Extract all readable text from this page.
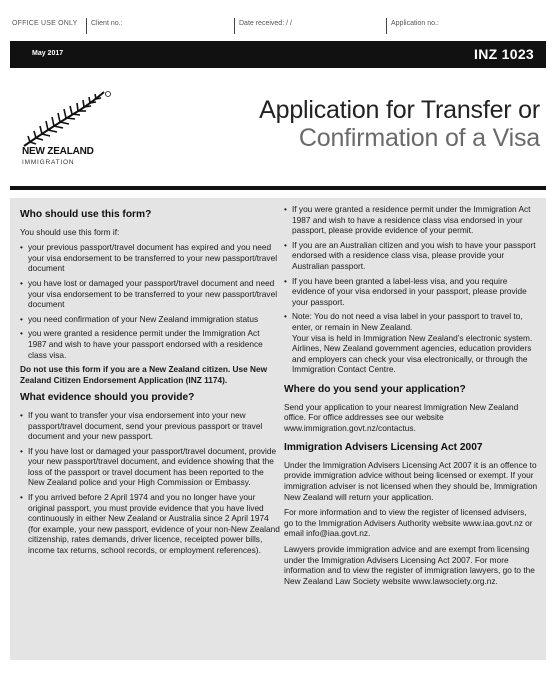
OFFICE USE ONLY	Client no.:	Date received: / /	Application no.:
May 2017	INZ 1023
NEW ZEALAND
IMMIGRATION
Application for Transfer or
Confirmation of a Visa
Who should use this form?

You should use this form if:

• your previous passport/travel document has expired and you need your visa endorsement to be transferred to your new passport/travel document
• you have lost or damaged your passport/travel document and need your visa endorsement to be transferred to your new passport/travel document
• you need confirmation of your New Zealand immigration status
• you were granted a residence permit under the Immigration Act 1987 and wish to have your passport endorsed with a residence class visa.

Do not use this form if you are a New Zealand citizen. Use New Zealand Citizen Endorsement Application (INZ 1174).

What evidence should you provide?
• If you want to transfer your visa endorsement into your new passport/travel document, send your previous passport or travel document and your new passport.
• If you have lost or damaged your passport/travel document, provide your new passport/travel document, and evidence showing that the loss of the passport or travel document has been reported to the New Zealand police and your High Commission or Embassy.
• If you arrived before 2 April 1974 and you no longer have your original passport, you must provide evidence that you have lived continuously in either New Zealand or Australia since 2 April 1974 (for example, your new passport, evidence of your non-New Zealand citizenship, rates demands, driver licence, receipted power bills, income tax returns, school records, or employment references).
• If you were granted a residence permit under the Immigration Act 1987 and wish to have a residence class visa endorsed in your passport, please provide evidence of your permit.
• If you are an Australian citizen and you wish to have your passport endorsed with a residence class visa, please provide your Australian passport.
• If you have been granted a label-less visa, and you require evidence of your visa endorsed in your passport, please provide your passport.
• Note: You do not need a visa label in your passport to travel to, enter, or remain in New Zealand.
Your visa is held in Immigration New Zealand’s electronic system. Airlines, New Zealand government agencies, education providers and employers can check your visa electronically, or through the Immigration Contact Centre.
Where do you send your application?

Send your application to your nearest Immigration New Zealand office. For office addresses see our website www.immigration.govt.nz/contactus.

Immigration Advisers Licensing Act 2007

Under the Immigration Advisers Licensing Act 2007 it is an offence to provide immigration advice without being licensed or exempt. If your immigration adviser is not licensed when they should be, Immigration New Zealand will return your application.

For more information and to view the register of licensed advisers, go to the Immigration Advisers Authority website www.iaa.govt.nz or email info@iaa.govt.nz.

Lawyers provide immigration advice and are exempt from licensing under the Immigration Advisers Licensing Act 2007. For more information and to view the register of immigration lawyers, go to the New Zealand Law Society website www.lawsociety.org.nz.
